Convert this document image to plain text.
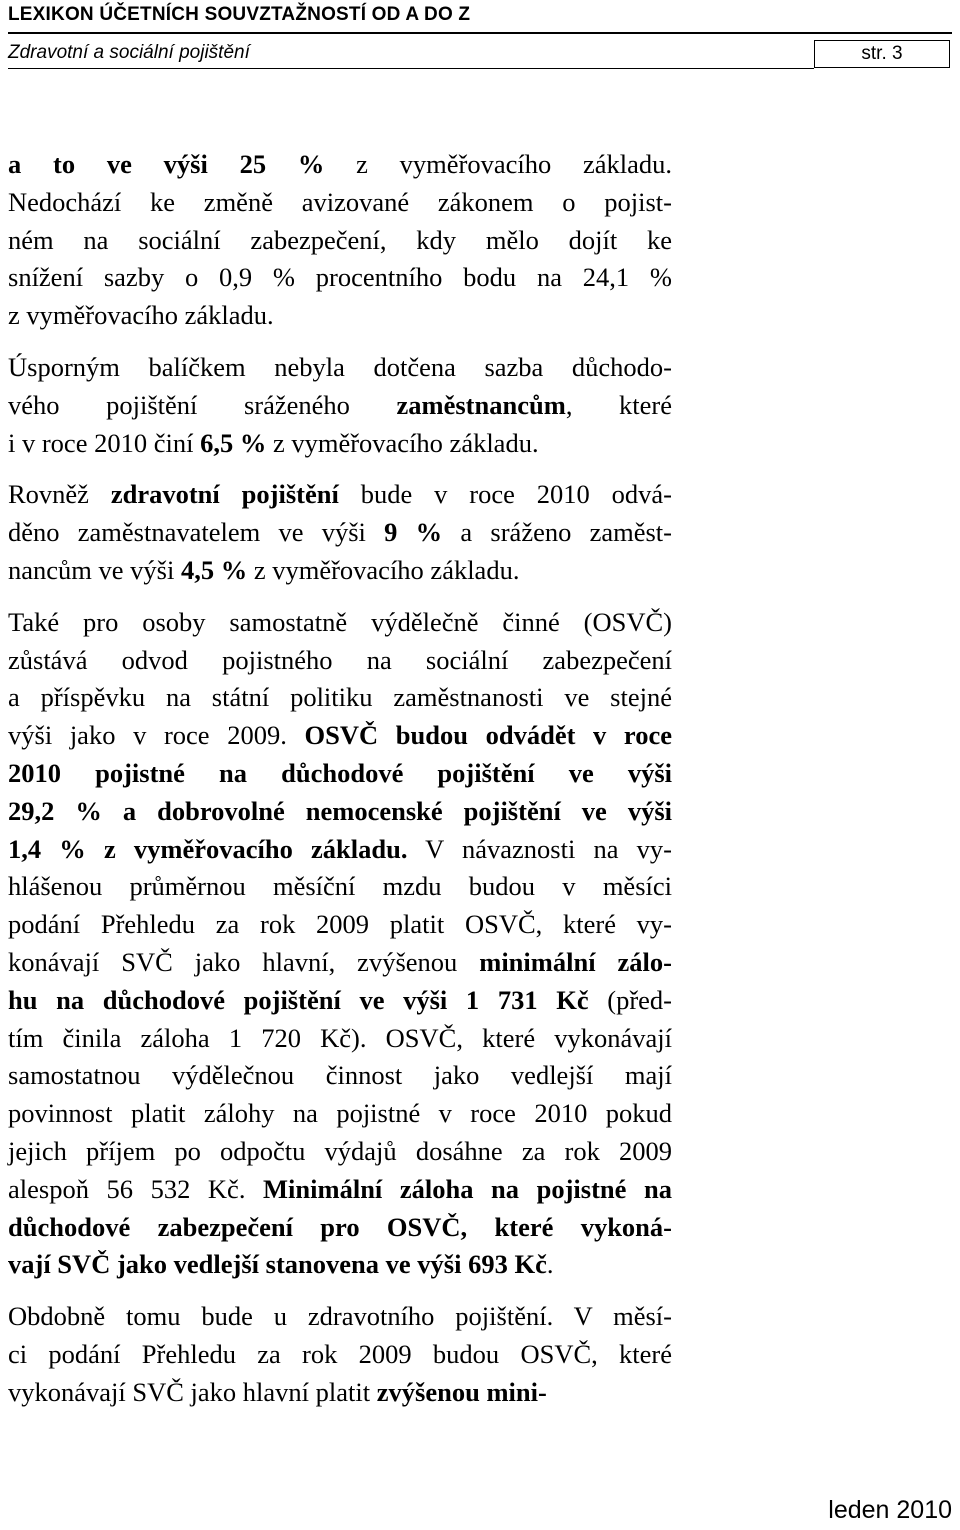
LEXIKON ÚČETNÍCH SOUVZTAŽNOSTÍ OD A DO Z
Zdravotní a sociální pojištění	str. 3
a to ve výši 25 % z vyměřovacího základu.
Nedochází ke změně avizované zákonem o pojist-
ném na sociální zabezpečení, kdy mělo dojít ke
snížení sazby o 0,9 % procentního bodu na 24,1 %
z vyměřovacího základu.
Úsporným balíčkem nebyla dotčena sazba důchodo-
vého pojištění sráženého zaměstnancům, které
i v roce 2010 činí 6,5 % z vyměřovacího základu.
Rovněž zdravotní pojištění bude v roce 2010 odvá-
děno zaměstnavatelem ve výši 9 % a sráženo zaměst-
nancům ve výši 4,5 % z vyměřovacího základu.
Také pro osoby samostatně výdělečně činné (OSVČ)
zůstává odvod pojistného na sociální zabezpečení
a příspěvku na státní politiku zaměstnanosti ve stejné
výši jako v roce 2009. OSVČ budou odvádět v roce
2010 pojistné na důchodové pojištění ve výši
29,2 % a dobrovolné nemocenské pojištění ve výši
1,4 % z vyměřovacího základu. V návaznosti na vy-
hlášenou průměrnou měsíční mzdu budou v měsíci
podání Přehledu za rok 2009 platit OSVČ, které vy-
konávají SVČ jako hlavní, zvýšenou minimální zálo-
hu na důchodové pojištění ve výši 1 731 Kč (před-
tím činila záloha 1 720 Kč). OSVČ, které vykonávají
samostatnou výdělečnou činnost jako vedlejší mají
povinnost platit zálohy na pojistné v roce 2010 pokud
jejich příjem po odpočtu výdajů dosáhne za rok 2009
alespoň 56 532 Kč. Minimální záloha na pojistné na
důchodové zabezpečení pro OSVČ, které vykoná-
vají SVČ jako vedlejší stanovena ve výši 693 Kč.
Obdobně tomu bude u zdravotního pojištění. V měsí-
ci podání Přehledu za rok 2009 budou OSVČ, které
vykonávají SVČ jako hlavní platit zvýšenou mini-
leden 2010
